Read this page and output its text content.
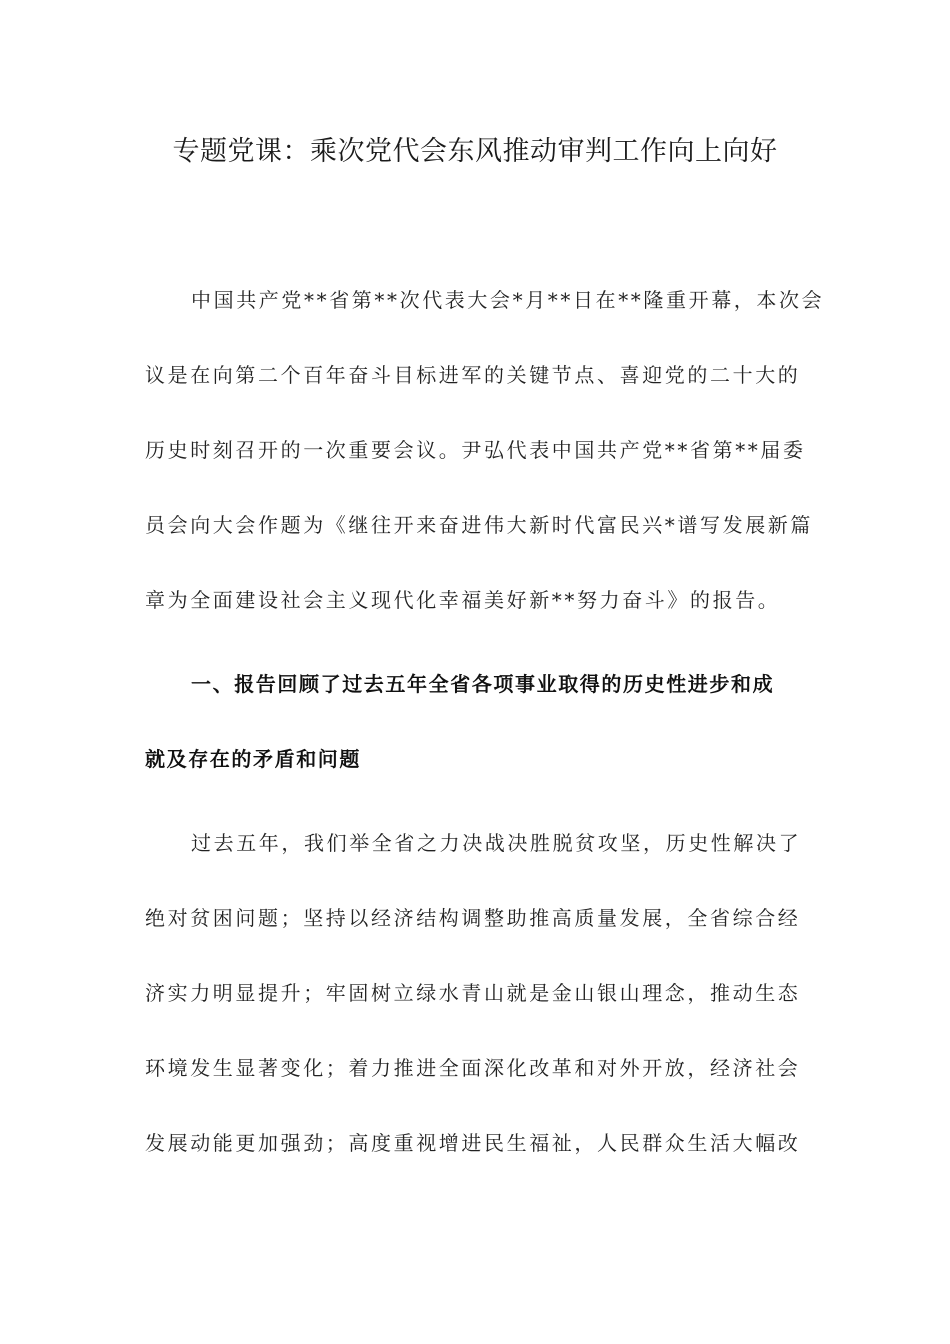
专题党课：乘次党代会东风推动审判工作向上向好
中国共产党**省第**次代表大会*月**日在**隆重开幕，本次会
议是在向第二个百年奋斗目标进军的关键节点、喜迎党的二十大的
历史时刻召开的一次重要会议。尹弘代表中国共产党**省第**届委
员会向大会作题为《继往开来奋进伟大新时代富民兴*谱写发展新篇
章为全面建设社会主义现代化幸福美好新**努力奋斗》的报告。
一、报告回顾了过去五年全省各项事业取得的历史性进步和成
就及存在的矛盾和问题
过去五年，我们举全省之力决战决胜脱贫攻坚，历史性解决了
绝对贫困问题；坚持以经济结构调整助推高质量发展，全省综合经
济实力明显提升；牢固树立绿水青山就是金山银山理念，推动生态
环境发生显著变化；着力推进全面深化改革和对外开放，经济社会
发展动能更加强劲；高度重视增进民生福祉，人民群众生活大幅改
